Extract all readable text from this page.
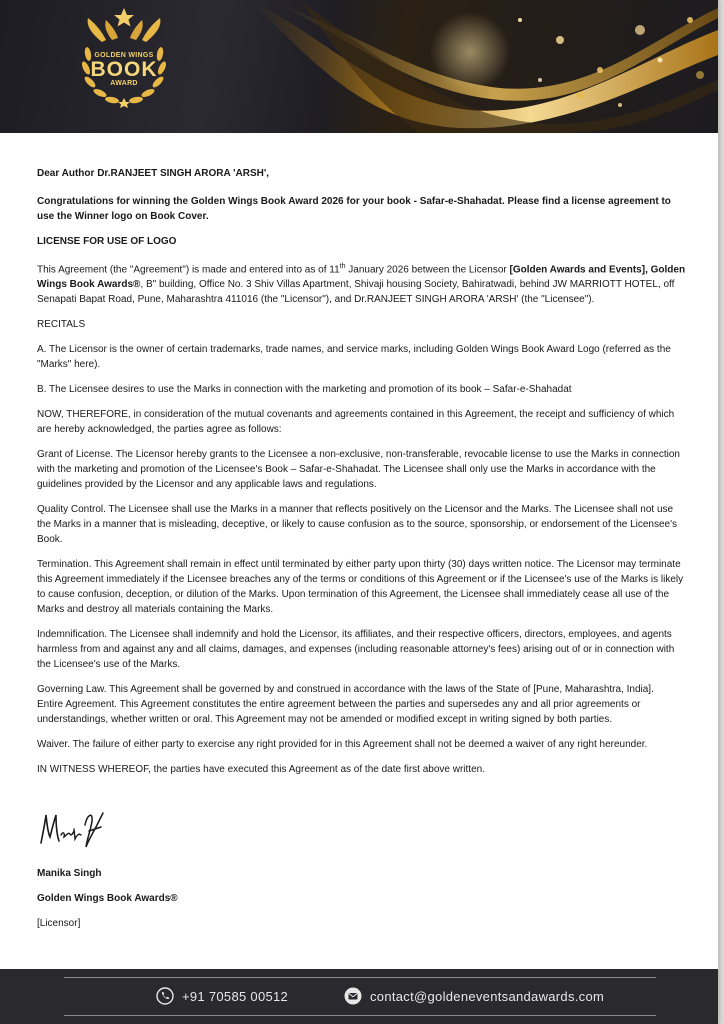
GOLDEN WINGS
BOOK
AWARD

Dear Author Dr.RANJEET SINGH ARORA 'ARSH',

Congratulations for winning the Golden Wings Book Award 2026 for your book - Safar-e-Shahadat. Please find a license agreement to use the Winner logo on Book Cover.

LICENSE FOR USE OF LOGO

This Agreement (the "Agreement") is made and entered into as of 11th January 2026 between the Licensor [Golden Awards and Events], Golden Wings Book Awards®, B" building, Office No. 3 Shiv Villas Apartment, Shivaji housing Society, Bahiratwadi, behind JW MARRIOTT HOTEL, off Senapati Bapat Road, Pune, Maharashtra 411016 (the "Licensor"), and Dr.RANJEET SINGH ARORA 'ARSH' (the "Licensee").

RECITALS

A. The Licensor is the owner of certain trademarks, trade names, and service marks, including Golden Wings Book Award Logo (referred as the "Marks" here).

B. The Licensee desires to use the Marks in connection with the marketing and promotion of its book – Safar-e-Shahadat

NOW, THEREFORE, in consideration of the mutual covenants and agreements contained in this Agreement, the receipt and sufficiency of which are hereby acknowledged, the parties agree as follows:

Grant of License. The Licensor hereby grants to the Licensee a non-exclusive, non-transferable, revocable license to use the Marks in connection with the marketing and promotion of the Licensee's Book – Safar-e-Shahadat. The Licensee shall only use the Marks in accordance with the guidelines provided by the Licensor and any applicable laws and regulations.

Quality Control. The Licensee shall use the Marks in a manner that reflects positively on the Licensor and the Marks. The Licensee shall not use the Marks in a manner that is misleading, deceptive, or likely to cause confusion as to the source, sponsorship, or endorsement of the Licensee's Book.

Termination. This Agreement shall remain in effect until terminated by either party upon thirty (30) days written notice. The Licensor may terminate this Agreement immediately if the Licensee breaches any of the terms or conditions of this Agreement or if the Licensee's use of the Marks is likely to cause confusion, deception, or dilution of the Marks. Upon termination of this Agreement, the Licensee shall immediately cease all use of the Marks and destroy all materials containing the Marks.

Indemnification. The Licensee shall indemnify and hold the Licensor, its affiliates, and their respective officers, directors, employees, and agents harmless from and against any and all claims, damages, and expenses (including reasonable attorney's fees) arising out of or in connection with the Licensee's use of the Marks.

Governing Law. This Agreement shall be governed by and construed in accordance with the laws of the State of [Pune, Maharashtra, India].
Entire Agreement. This Agreement constitutes the entire agreement between the parties and supersedes any and all prior agreements or understandings, whether written or oral. This Agreement may not be amended or modified except in writing signed by both parties.

Waiver. The failure of either party to exercise any right provided for in this Agreement shall not be deemed a waiver of any right hereunder.

IN WITNESS WHEREOF, the parties have executed this Agreement as of the date first above written.

Manik Singh

Manika Singh

Golden Wings Book Awards®

[Licensor]

+91 70585 00512	contact@goldeneventsandawards.com
